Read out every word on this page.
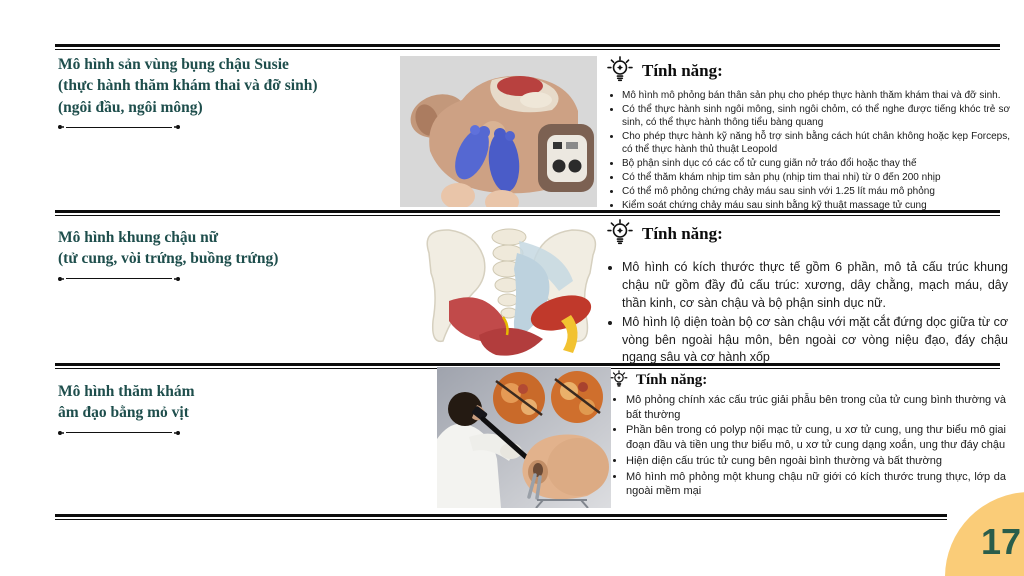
Mô hình sản vùng bụng chậu Susie
(thực hành thăm khám thai và đỡ sinh)
(ngôi đầu, ngôi mông)
Tính năng:
• Mô hình mô phỏng bán thân sản phụ cho phép thực hành thăm khám thai và đỡ sinh.
• Có thể thực hành sinh ngôi mông, sinh ngôi chỏm, có thể nghe được tiếng khóc trẻ sơ sinh, có thể thực hành thông tiểu bàng quang
• Cho phép thực hành kỹ năng hỗ trợ sinh bằng cách hút chân không hoặc kẹp Forceps, có thể thực hành thủ thuật Leopold
• Bộ phận sinh dục có các cổ tử cung giãn nở tráo đổi hoặc thay thế
• Có thể thăm khám nhịp tim sản phụ (nhịp tim thai nhi) từ 0 đến 200 nhịp
• Có thể mô phỏng chứng chảy máu sau sinh với 1.25 lít máu mô phỏng
• Kiểm soát chứng chảy máu sau sinh bằng kỹ thuật massage tử cung
Mô hình khung chậu nữ
(tử cung, vòi trứng, buồng trứng)
Tính năng:
• Mô hình có kích thước thực tế gồm 6 phần, mô tả cấu trúc khung chậu nữ gồm đầy đủ cấu trúc: xương, dây chằng, mạch máu, dây thần kinh, cơ sàn chậu và bộ phận sinh dục nữ.
• Mô hình lộ diện toàn bộ cơ sàn chậu với mặt cắt đứng dọc giữa từ cơ vòng bên ngoài hậu môn, bên ngoài cơ vòng niệu đạo, đáy chậu ngang sâu và cơ hành xốp
Mô hình thăm khám
âm đạo bằng mỏ vịt
Tính năng:
• Mô phỏng chính xác cấu trúc giải phẫu bên trong của tử cung bình thường và bất thường
• Phần bên trong có polyp nội mạc tử cung, u xơ tử cung, ung thư biểu mô giai đoạn đầu và tiền ung thư biểu mô, u xơ tử cung dạng xoắn, ung thư đáy chậu
• Hiện diện cấu trúc tử cung bên ngoài bình thường và bất thường
• Mô hình mô phỏng một khung chậu nữ giới có kích thước trung thực, lớp da ngoài mềm mại
17
